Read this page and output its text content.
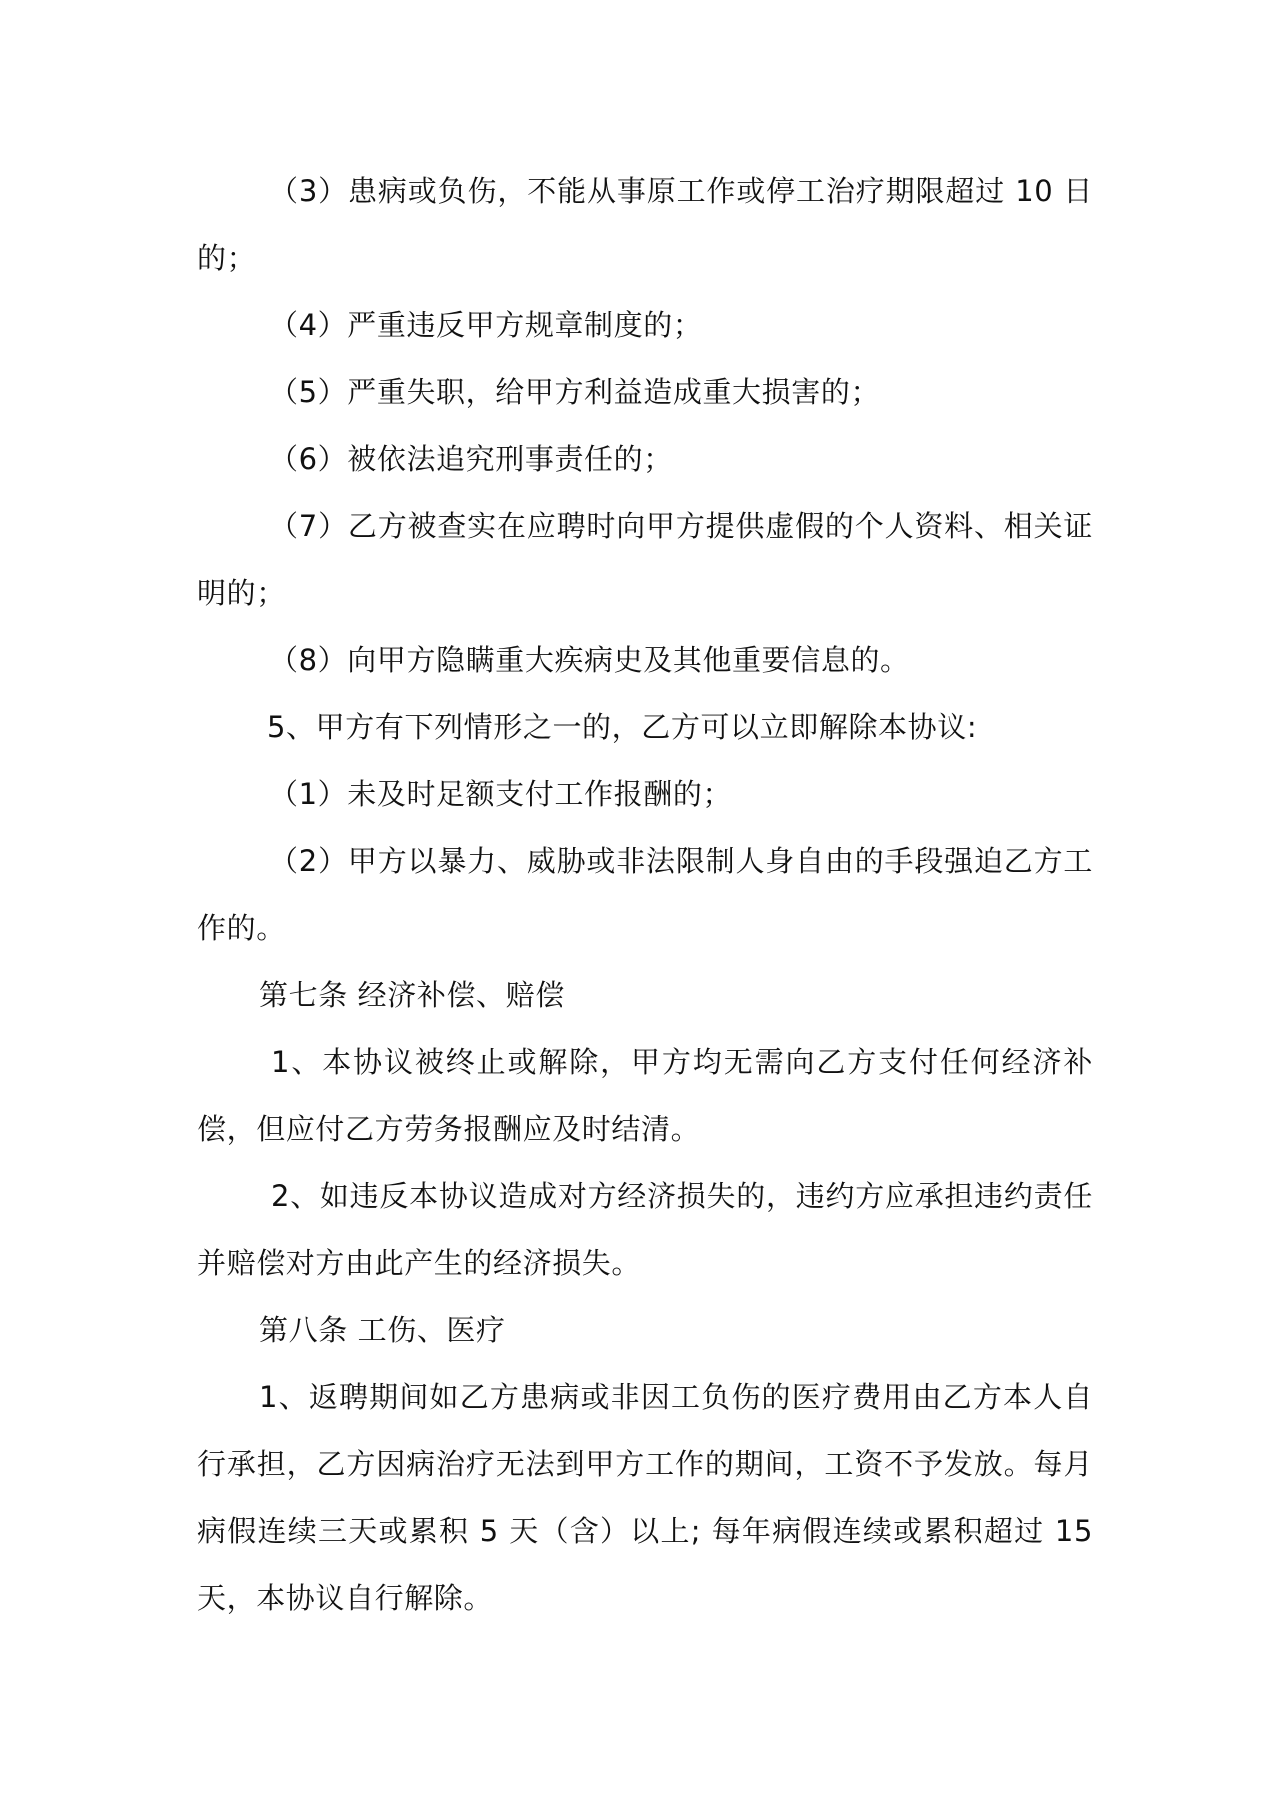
（3）患病或负伤，不能从事原工作或停工治疗期限超过 10 日的；

（4）严重违反甲方规章制度的；

（5）严重失职，给甲方利益造成重大损害的；

（6）被依法追究刑事责任的；

（7）乙方被查实在应聘时向甲方提供虚假的个人资料、相关证明的；

（8）向甲方隐瞒重大疾病史及其他重要信息的。

5、甲方有下列情形之一的，乙方可以立即解除本协议:

（1）未及时足额支付工作报酬的；

（2）甲方以暴力、威胁或非法限制人身自由的手段强迫乙方工作的。

第七条 经济补偿、赔偿

1、本协议被终止或解除，甲方均无需向乙方支付任何经济补偿，但应付乙方劳务报酬应及时结清。

2、如违反本协议造成对方经济损失的，违约方应承担违约责任并赔偿对方由此产生的经济损失。

第八条 工伤、医疗

1、返聘期间如乙方患病或非因工负伤的医疗费用由乙方本人自行承担，乙方因病治疗无法到甲方工作的期间，工资不予发放。每月病假连续三天或累积 5 天（含）以上; 每年病假连续或累积超过 15 天，本协议自行解除。
